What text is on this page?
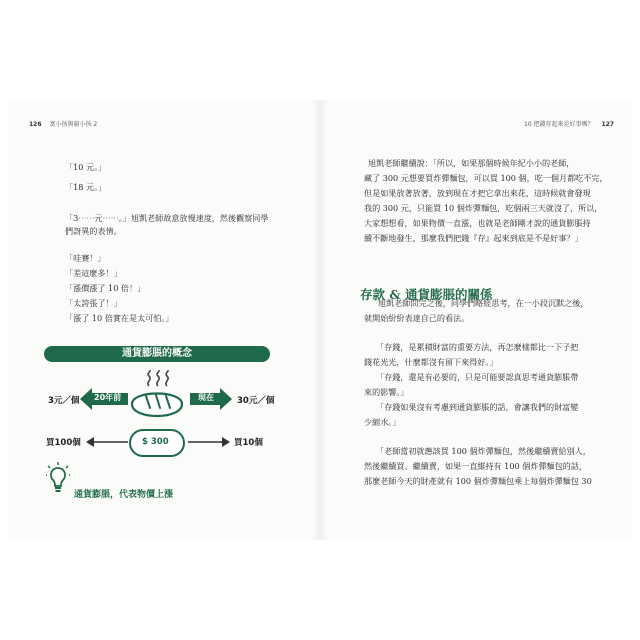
126 富小孩與窮小孩 2
「10 元。」
「18 元。」
「3⋯⋯元⋯⋯。」旭凱老師故意放慢速度，然後觀察同學
們訝異的表情。
「哇賽！」
「差這麼多！」
「漲價漲了 10 倍！」
「太誇張了！」
「漲了 10 倍實在是太可怕。」
通貨膨脹的概念
20年前
3元／個	現在	30元／個
$ 300
買100個	買10個
通貨膨脹，代表物價上漲
10 把錢存起來是好事嗎？ 127
旭凱老師繼續說：「所以，如果那個時候年紀小小的老師，
藏了 300 元想要買炸彈麵包，可以買 100 個，吃一個月都吃不完，
但是如果放著放著，放到現在才把它拿出來花，這時候就會發現
我的 300 元，只能買 10 個炸彈麵包，吃個兩三天就沒了，所以，
大家想想看，如果物價一直漲，也就是老師剛才說的通貨膨脹持
續不斷地發生，那麼我們把錢『存』起來到底是不是好事？」
旭凱老師問完之後，同學們略經思考，在一小段沉默之後，
就開始紛紛表達自己的看法。
「存錢，是累積財富的重要方法，再怎麼樣都比一下子把
錢花光光，什麼都沒有留下來得好。」
「存錢，還是有必要的，只是可能要認真思考通貨膨脹帶
來的影響。」
「存錢如果沒有考慮到通貨膨脹的話，會讓我們的財富變
少縮水。」
「老師當初就應該買 100 個炸彈麵包，然後繼續賣給別人，
然後繼續買、繼續賣，如果一直維持有 100 個炸彈麵包的話，
那麼老師今天的財產就有 100 個炸彈麵包乘上每個炸彈麵包 30
存款 & 通貨膨脹的關係
